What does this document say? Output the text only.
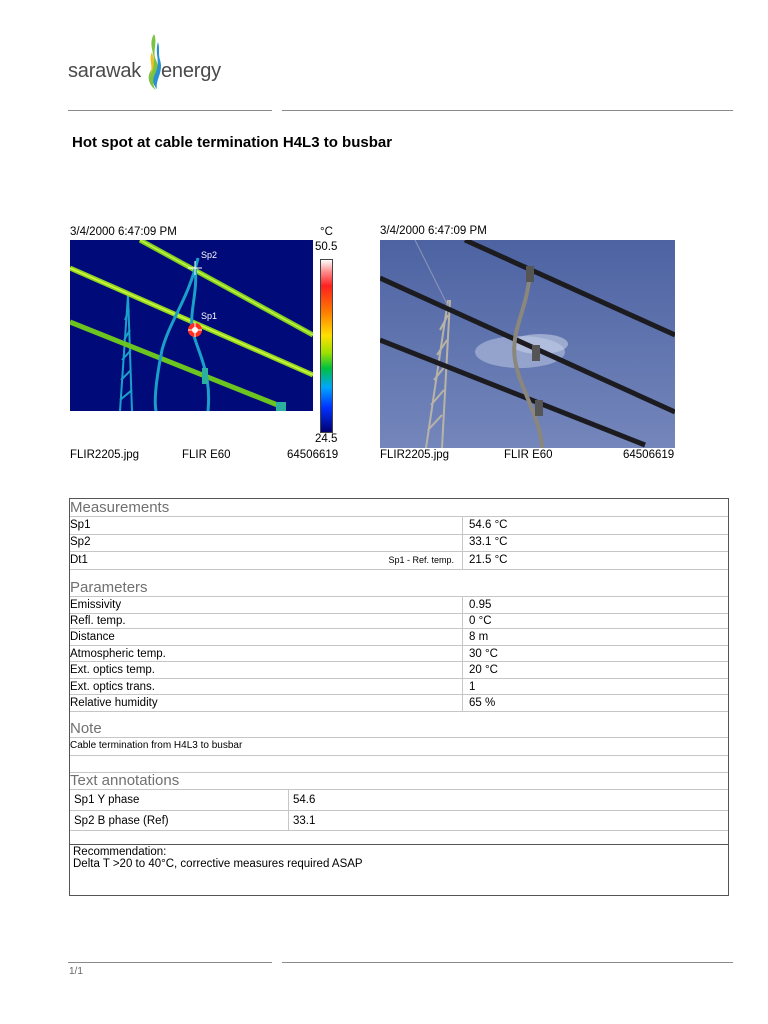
sarawak energy
Hot spot at cable termination H4L3 to busbar
3/4/2000 6:47:09 PM	°C
50.5
24.5
Sp2
Sp1
FLIR2205.jpg	FLIR E60	64506619
3/4/2000 6:47:09 PM
FLIR2205.jpg	FLIR E60	64506619
Measurements
Sp1	54.6 °C
Sp2	33.1 °C
Dt1	Sp1 - Ref. temp. 21.5 °C
Parameters
Emissivity	0.95
Refl. temp.	0 °C
Distance	8 m
Atmospheric temp.	30 °C
Ext. optics temp.	20 °C
Ext. optics trans.	1
Relative humidity	65 %
Note
Cable termination from H4L3 to busbar
Text annotations
Sp1 Y phase	54.6
Sp2 B phase (Ref)	33.1
Recommendation:
Delta T >20 to 40°C, corrective measures required ASAP
1/1
